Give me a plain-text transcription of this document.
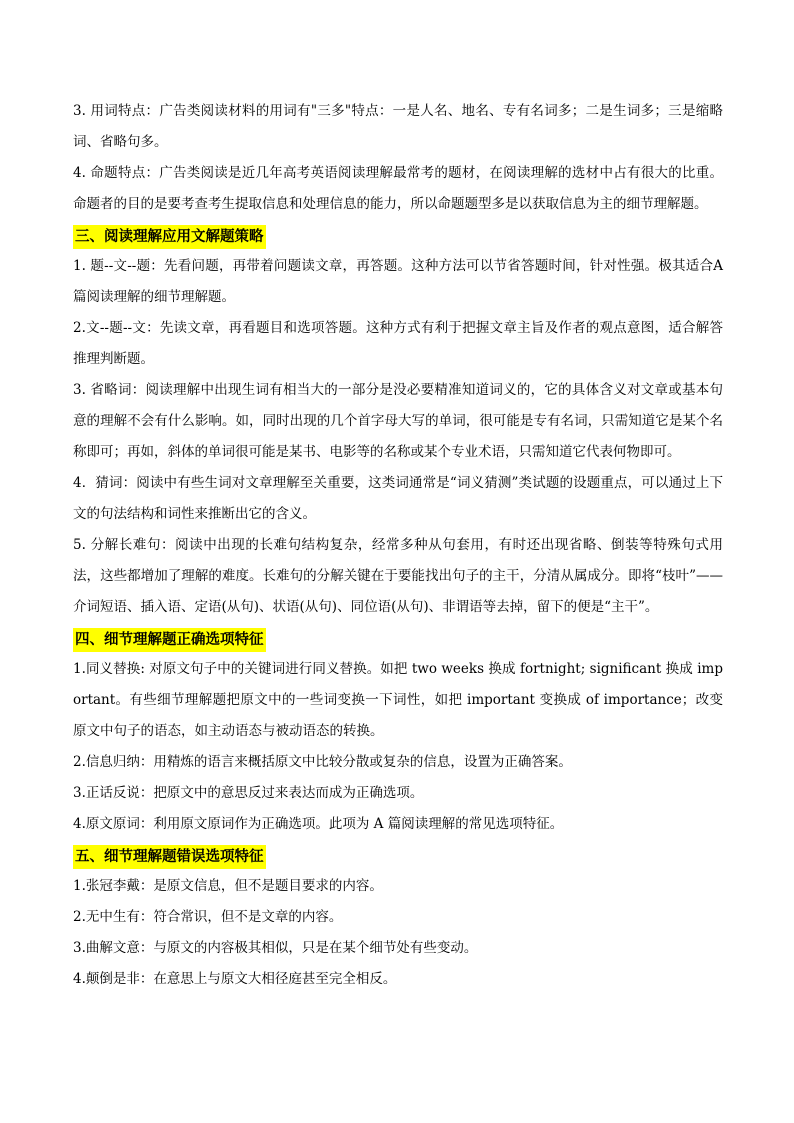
3. 用词特点：广告类阅读材料的用词有"三多"特点：一是人名、地名、专有名词多；二是生词多；三是缩略词、省略句多。

4. 命题特点：广告类阅读是近几年高考英语阅读理解最常考的题材，在阅读理解的选材中占有很大的比重。命题者的目的是要考查考生提取信息和处理信息的能力，所以命题题型多是以获取信息为主的细节理解题。

三、阅读理解应用文解题策略

1. 题--文--题：先看问题，再带着问题读文章，再答题。这种方法可以节省答题时间，针对性强。极其适合A篇阅读理解的细节理解题。

2.文--题--文：先读文章，再看题目和选项答题。这种方式有利于把握文章主旨及作者的观点意图，适合解答推理判断题。

3. 省略词：阅读理解中出现生词有相当大的一部分是没必要精准知道词义的，它的具体含义对文章或基本句意的理解不会有什么影响。如，同时出现的几个首字母大写的单词，很可能是专有名词，只需知道它是某个名称即可；再如，斜体的单词很可能是某书、电影等的名称或某个专业术语，只需知道它代表何物即可。

4．猜词：阅读中有些生词对文章理解至关重要，这类词通常是“词义猜测”类试题的设题重点，可以通过上下文的句法结构和词性来推断出它的含义。

5. 分解长难句：阅读中出现的长难句结构复杂，经常多种从句套用，有时还出现省略、倒装等特殊句式用法，这些都增加了理解的难度。长难句的分解关键在于要能找出句子的主干，分清从属成分。即将“枝叶”——介词短语、插入语、定语(从句)、状语(从句)、同位语(从句)、非谓语等去掉，留下的便是“主干”。

四、细节理解题正确选项特征

1.同义替换: 对原文句子中的关键词进行同义替换。如把 two weeks 换成 fortnight; significant 换成 important。有些细节理解题把原文中的一些词变换一下词性，如把 important 变换成 of importance；改变原文中句子的语态，如主动语态与被动语态的转换。

2.信息归纳：用精炼的语言来概括原文中比较分散或复杂的信息，设置为正确答案。

3.正话反说：把原文中的意思反过来表达而成为正确选项。

4.原文原词：利用原文原词作为正确选项。此项为 A 篇阅读理解的常见选项特征。

五、细节理解题错误选项特征

1.张冠李戴：是原文信息，但不是题目要求的内容。

2.无中生有：符合常识，但不是文章的内容。

3.曲解文意：与原文的内容极其相似，只是在某个细节处有些变动。

4.颠倒是非：在意思上与原文大相径庭甚至完全相反。
